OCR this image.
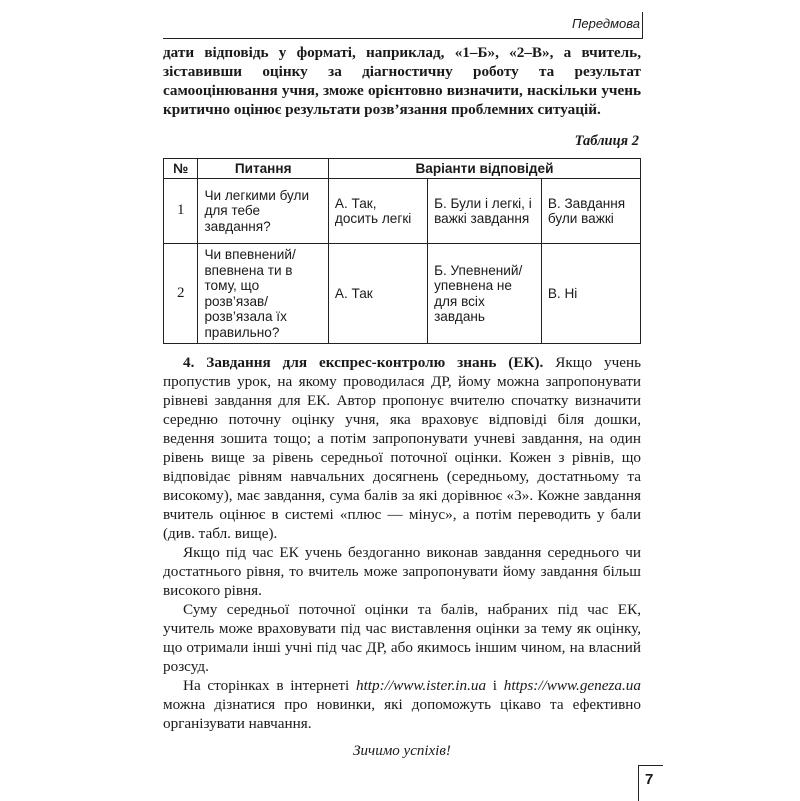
Передмова

дати відповідь у форматі, наприклад, «1–Б», «2–В», а вчитель, зіставивши оцінку за діагностичну роботу та результат самооцінювання учня, зможе орієнтовно визначити, наскільки учень критично оцінює результати розв’язання проблемних ситуацій.

Таблиця 2
№	Питання	Варіанти відповідей		
1	Чи легкими були для тебе завдання?	А. Так, досить легкі	Б. Були і легкі, і важкі завдання	В. Завдання були важкі
2	Чи впевнений/впевнена ти в тому, що розв’язав/розв’язала їх правильно?	А. Так	Б. Упевнений/упевнена не для всіх завдань	В. Ні

4. Завдання для експрес-контролю знань (ЕК). Якщо учень пропустив урок, на якому проводилася ДР, йому можна запропонувати рівневі завдання для ЕК. Автор пропонує вчителю спочатку визначити середню поточну оцінку учня, яка враховує відповіді біля дошки, ведення зошита тощо; а потім запропонувати учневі завдання, на один рівень вище за рівень середньої поточної оцінки. Кожен з рівнів, що відповідає рівням навчальних досягнень (середньому, достатньому та високому), має завдання, сума балів за які дорівнює «3». Кожне завдання вчитель оцінює в системі «плюс — мінус», а потім переводить у бали (див. табл. вище).

Якщо під час ЕК учень бездоганно виконав завдання середнього чи достатнього рівня, то вчитель може запропонувати йому завдання більш високого рівня.

Суму середньої поточної оцінки та балів, набраних під час ЕК, учитель може враховувати під час виставлення оцінки за тему як оцінку, що отримали інші учні під час ДР, або якимось іншим чином, на власний розсуд.

На сторінках в інтернеті http://www.ister.in.ua і https://www.geneza.ua можна дізнатися про новинки, які допоможуть цікаво та ефективно організувати навчання.

Зичимо успіхів!
7
